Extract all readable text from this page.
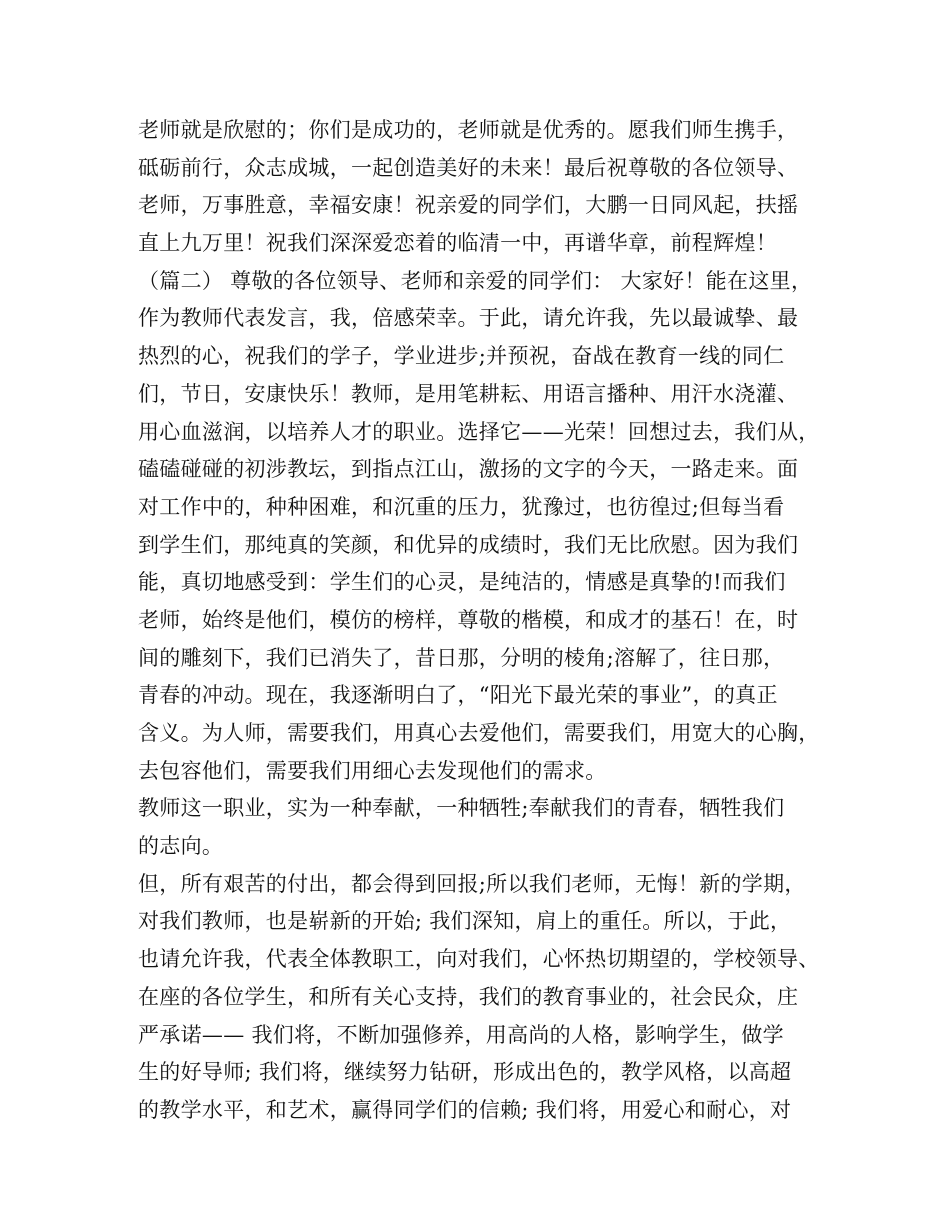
老师就是欣慰的；你们是成功的，老师就是优秀的。愿我们师生携手，
砥砺前行，众志成城，一起创造美好的未来！最后祝尊敬的各位领导、
老师，万事胜意，幸福安康！祝亲爱的同学们，大鹏一日同风起，扶摇
直上九万里！祝我们深深爱恋着的临清一中，再谱华章，前程辉煌！
（篇二） 尊敬的各位领导、老师和亲爱的同学们： 大家好！能在这里，
作为教师代表发言，我，倍感荣幸。于此，请允许我，先以最诚挚、最
热烈的心，祝我们的学子，学业进步;并预祝，奋战在教育一线的同仁
们，节日，安康快乐！教师，是用笔耕耘、用语言播种、用汗水浇灌、
用心血滋润，以培养人才的职业。选择它——光荣！回想过去，我们从，
磕磕碰碰的初涉教坛，到指点江山，激扬的文字的今天，一路走来。面
对工作中的，种种困难，和沉重的压力，犹豫过，也彷徨过;但每当看
到学生们，那纯真的笑颜，和优异的成绩时，我们无比欣慰。因为我们
能，真切地感受到：学生们的心灵，是纯洁的，情感是真挚的!而我们
老师，始终是他们，模仿的榜样，尊敬的楷模，和成才的基石！在，时
间的雕刻下，我们已消失了，昔日那，分明的棱角;溶解了，往日那，
青春的冲动。现在，我逐渐明白了，“阳光下最光荣的事业”，的真正
含义。为人师，需要我们，用真心去爱他们，需要我们，用宽大的心胸，
去包容他们，需要我们用细心去发现他们的需求。
教师这一职业，实为一种奉献，一种牺牲;奉献我们的青春，牺牲我们
的志向。
但，所有艰苦的付出，都会得到回报;所以我们老师，无悔！新的学期，
对我们教师，也是崭新的开始; 我们深知，肩上的重任。所以，于此，
也请允许我，代表全体教职工，向对我们，心怀热切期望的，学校领导、
在座的各位学生，和所有关心支持，我们的教育事业的，社会民众，庄
严承诺—— 我们将，不断加强修养，用高尚的人格，影响学生，做学
生的好导师; 我们将，继续努力钻研，形成出色的，教学风格，以高超
的教学水平，和艺术，赢得同学们的信赖; 我们将，用爱心和耐心，对
